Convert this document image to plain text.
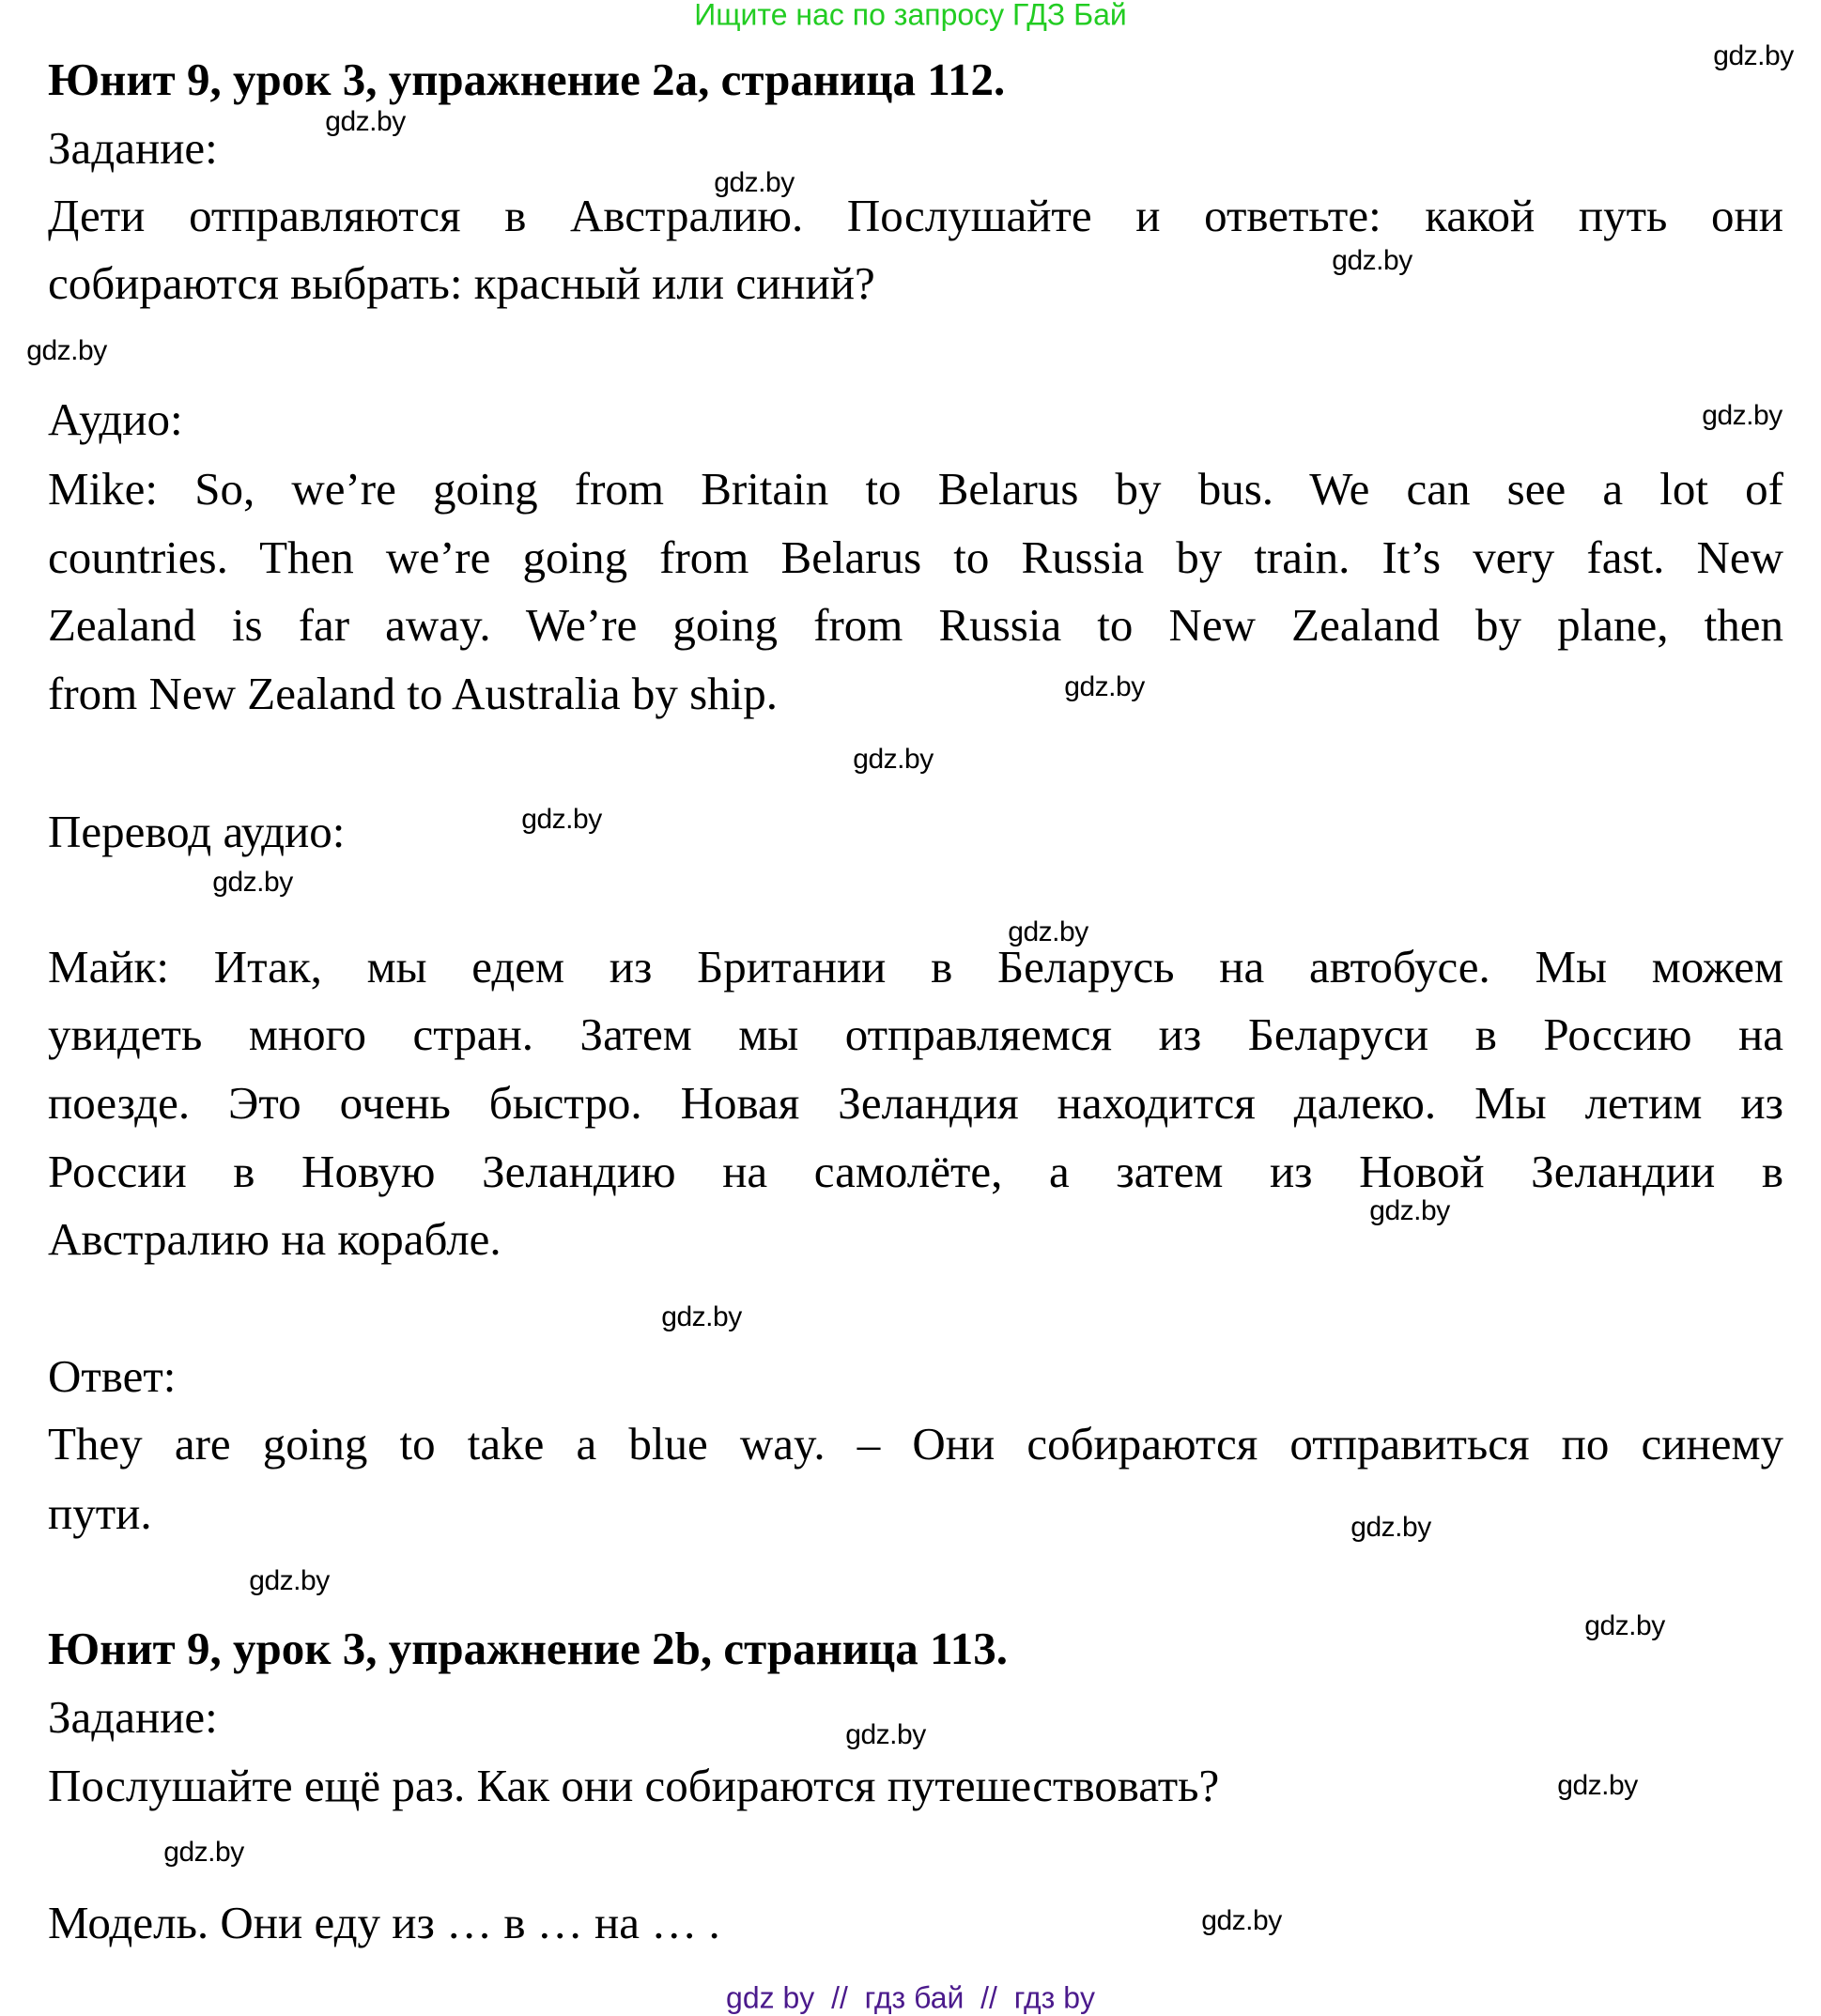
Ищите нас по запросу ГДЗ Бай
Юнит 9, урок 3, упражнение 2a, страница 112.
Задание:
Дети отправляются в Австралию. Послушайте и ответьте: какой путь они
собираются выбрать: красный или синий?
Аудио:
Mike: So, we’re going from Britain to Belarus by bus. We can see a lot of
countries. Then we’re going from Belarus to Russia by train. It’s very fast. New
Zealand is far away. We’re going from Russia to New Zealand by plane, then
from New Zealand to Australia by ship.
Перевод аудио:
Майк: Итак, мы едем из Британии в Беларусь на автобусе. Мы можем
увидеть много стран. Затем мы отправляемся из Беларуси в Россию на
поезде. Это очень быстро. Новая Зеландия находится далеко. Мы летим из
России в Новую Зеландию на самолёте, а затем из Новой Зеландии в
Австралию на корабле.
Ответ:
They are going to take a blue way. – Они собираются отправиться по синему
пути.
Юнит 9, урок 3, упражнение 2b, страница 113.
Задание:
Послушайте ещё раз. Как они собираются путешествовать?
Модель. Они еду из … в … на … .
gdz.by
gdz.by
gdz.by
gdz.by
gdz.by
gdz.by
gdz.by
gdz.by
gdz.by
gdz.by
gdz.by
gdz.by
gdz.by
gdz.by
gdz.by
gdz.by
gdz.by
gdz.by
gdz.by
gdz.by
gdz by  //  гдз бай  //  гдз by
